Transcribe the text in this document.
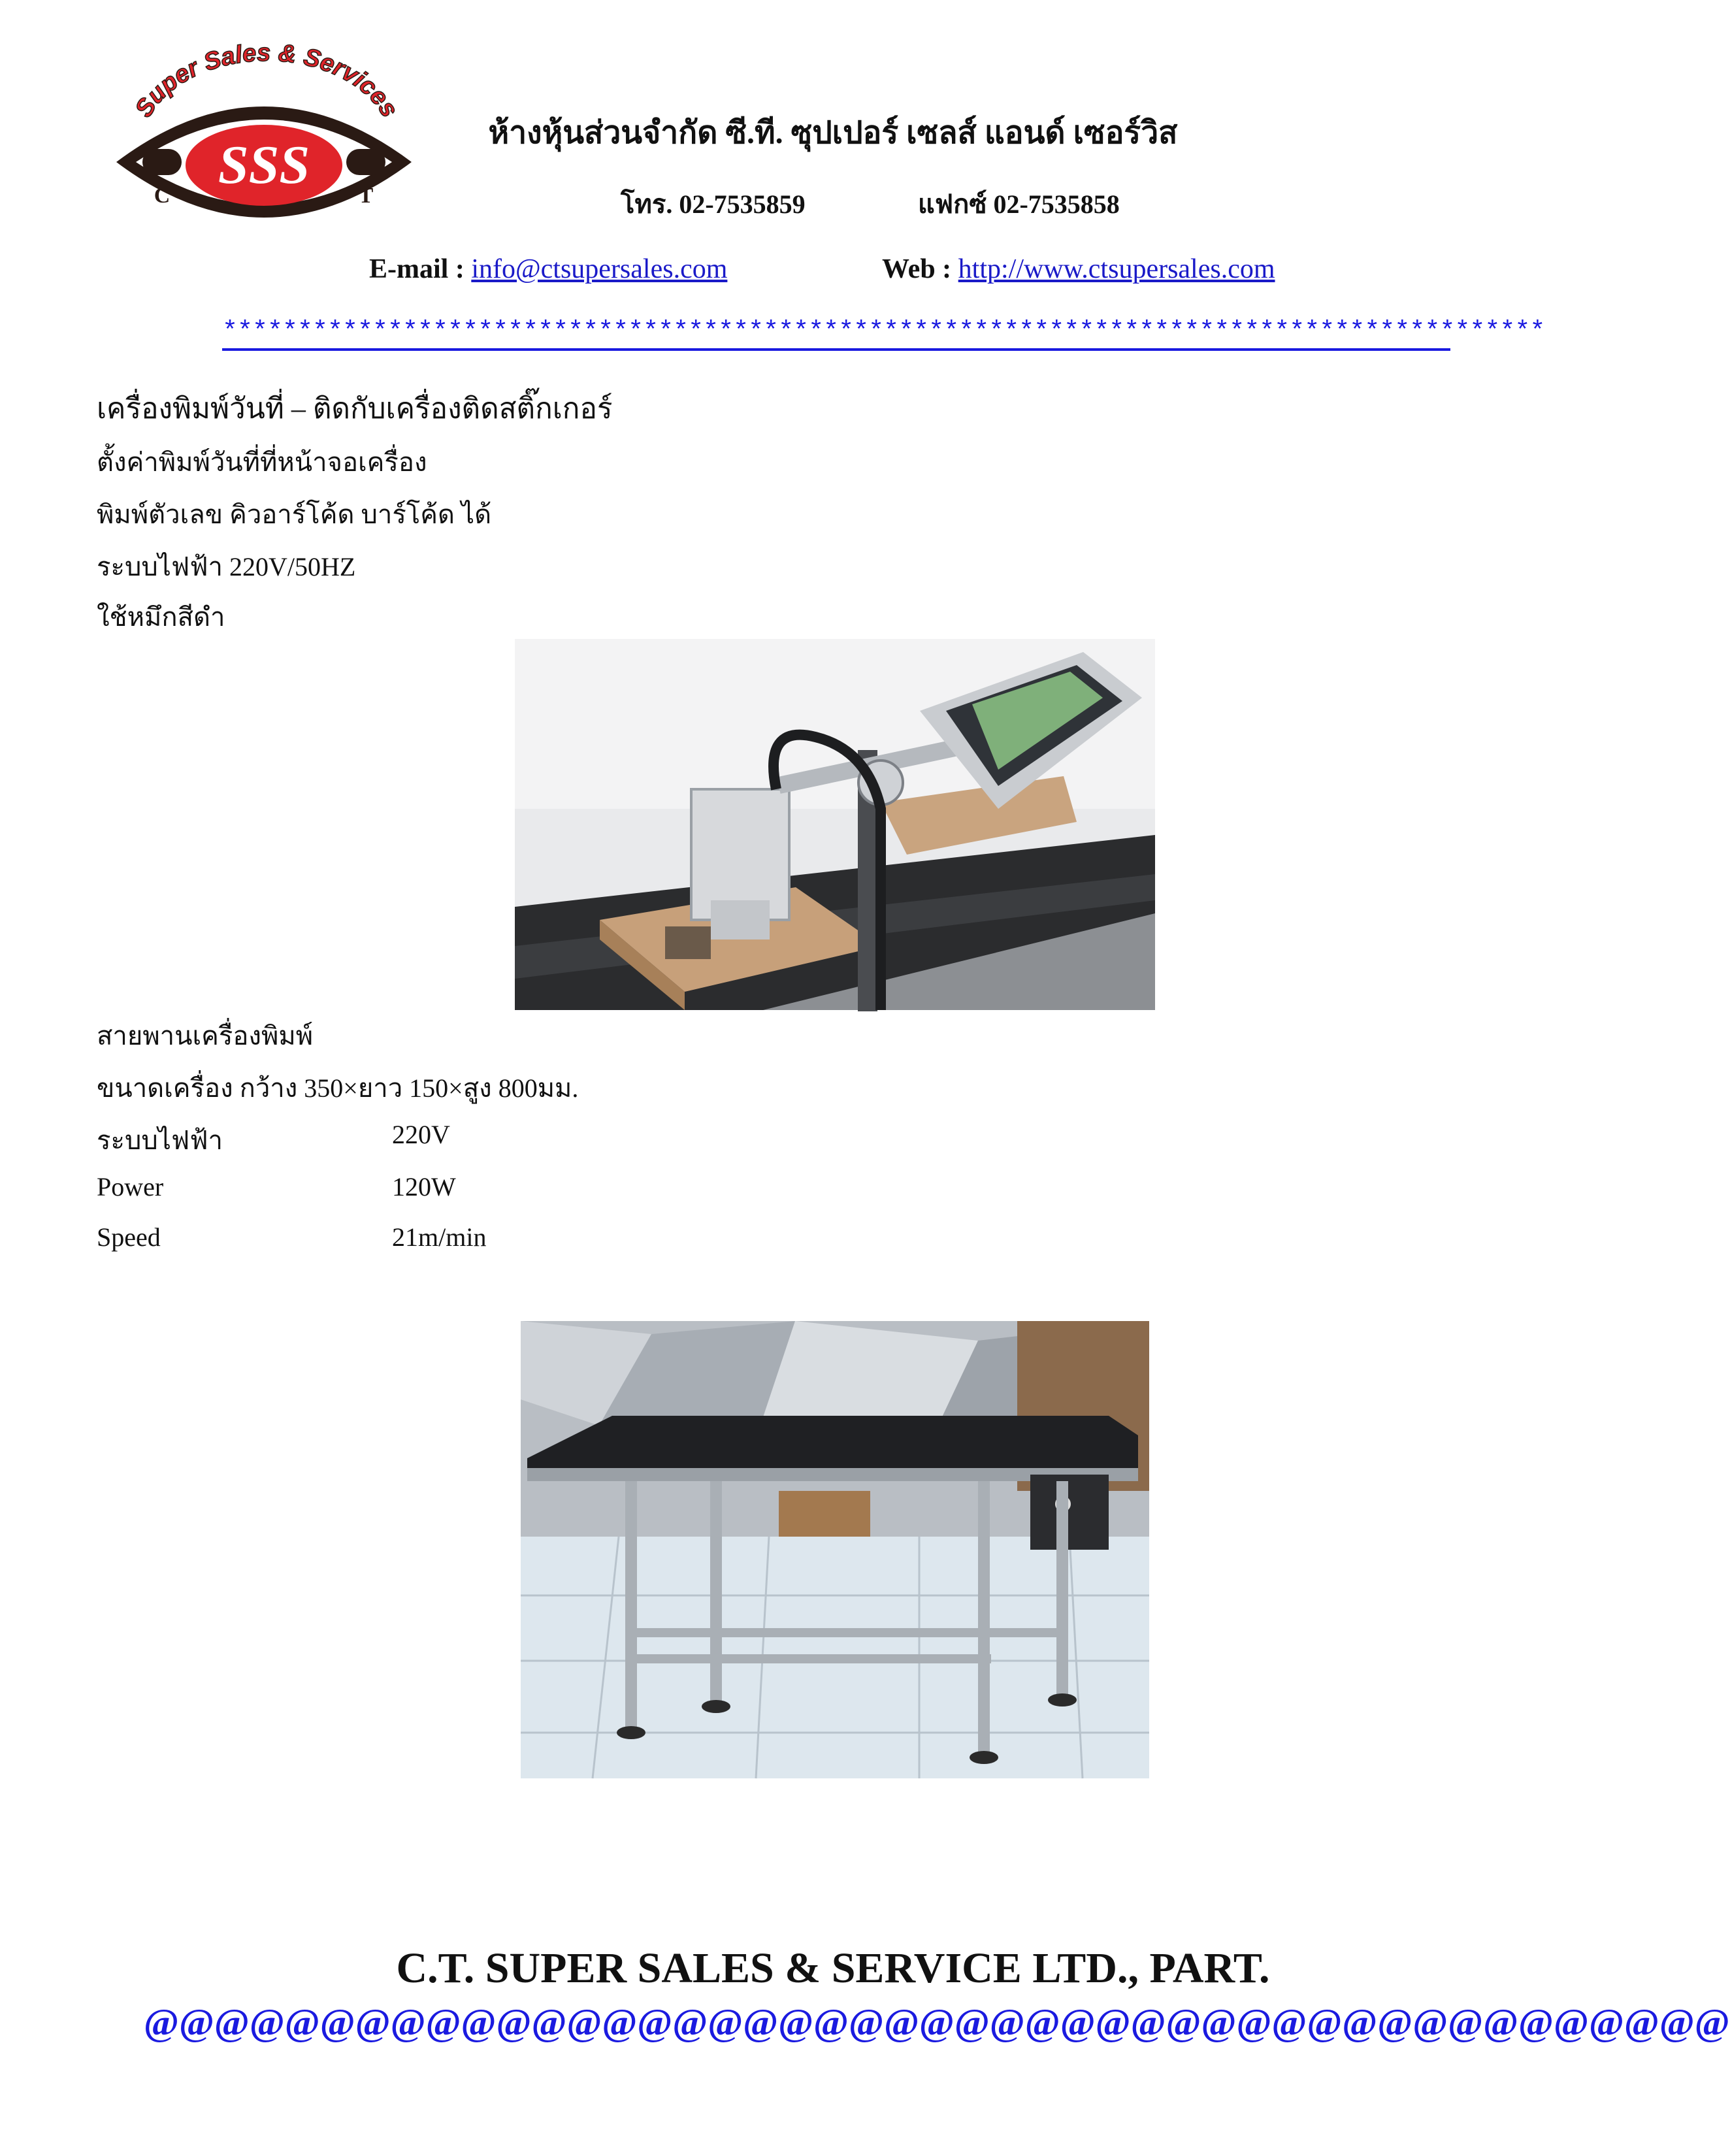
Super Sales & Services
SSS
C	T
ห้างหุ้นส่วนจำกัด ซี.ที. ซุปเปอร์ เซลส์ แอนด์ เซอร์วิส
โทร. 02-7535859	แฟกซ์ 02-7535858
E-mail : info@ctsupersales.com	Web : http://www.ctsupersales.com
****************************************************************************************
เครื่องพิมพ์วันที่ – ติดกับเครื่องติดสติ๊กเกอร์
ตั้งค่าพิมพ์วันที่ที่หน้าจอเครื่อง
พิมพ์ตัวเลข คิวอาร์โค้ด บาร์โค้ด ได้
ระบบไฟฟ้า 220V/50HZ
ใช้หมึกสีดำ
สายพานเครื่องพิมพ์
ขนาดเครื่อง กว้าง 350×ยาว 150×สูง 800มม.
ระบบไฟฟ้า	220V
Power	120W
Speed	21m/min
C.T. SUPER SALES & SERVICE LTD., PART.
@@@@@@@@@@@@@@@@@@@@@@@@@@@@@@@@@@@@@@@@@@@@@
